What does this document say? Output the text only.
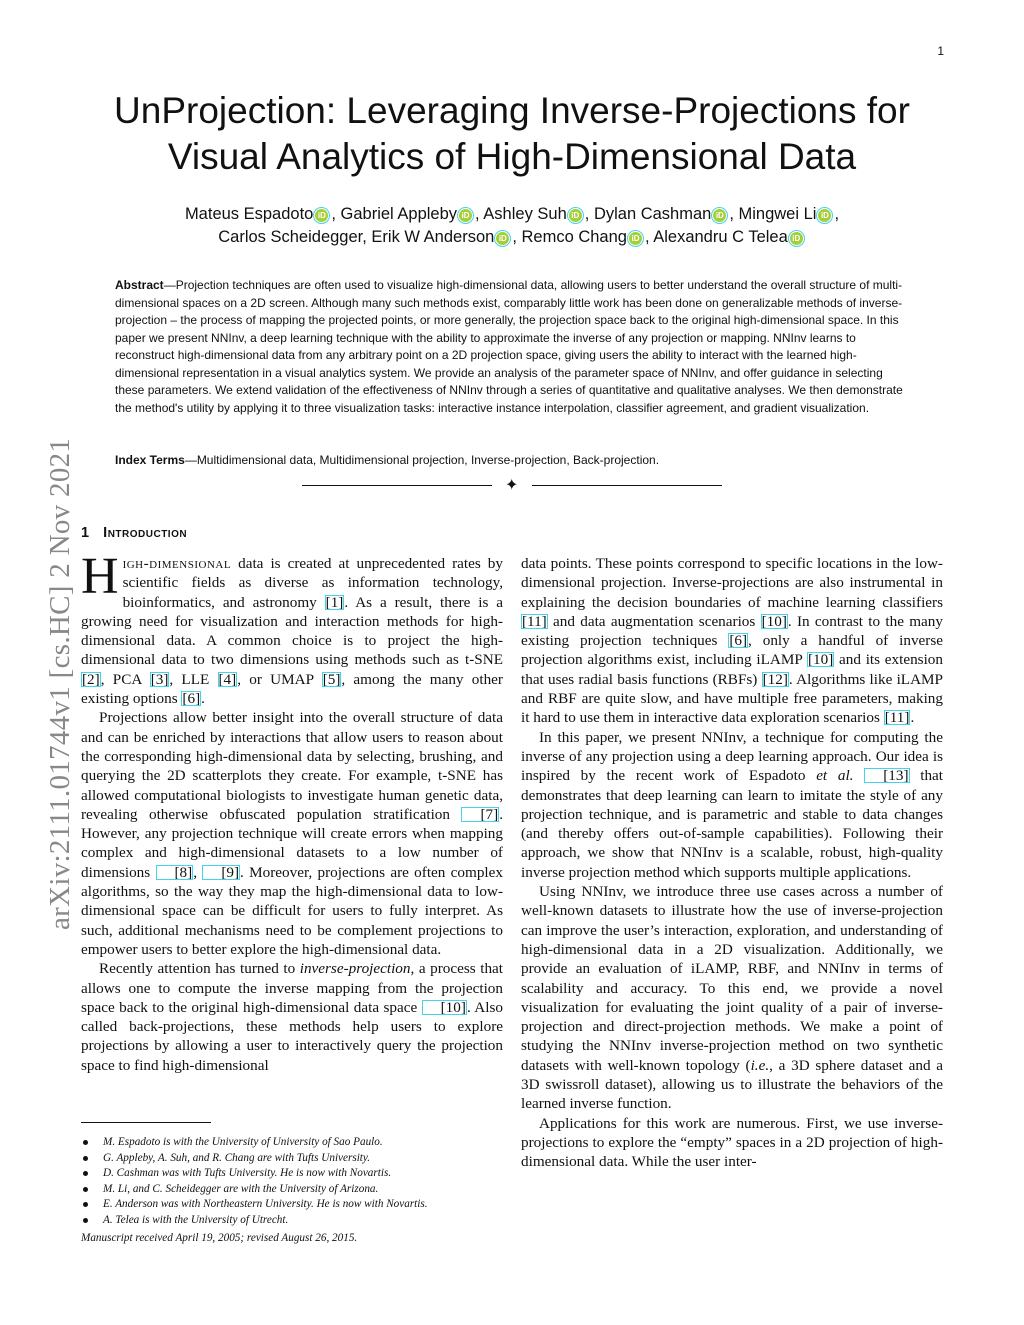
1
UnProjection: Leveraging Inverse-Projections for Visual Analytics of High-Dimensional Data
Mateus Espadoto iD , Gabriel Appleby iD , Ashley Suh iD , Dylan Cashman iD , Mingwei Li iD ,
Carlos Scheidegger, Erik W Anderson iD , Remco Chang iD , Alexandru C Telea iD
Abstract—Projection techniques are often used to visualize high-dimensional data, allowing users to better understand the overall structure of multi-dimensional spaces on a 2D screen. Although many such methods exist, comparably little work has been done on generalizable methods of inverse-projection – the process of mapping the projected points, or more generally, the projection space back to the original high-dimensional space. In this paper we present NNInv, a deep learning technique with the ability to approximate the inverse of any projection or mapping. NNInv learns to reconstruct high-dimensional data from any arbitrary point on a 2D projection space, giving users the ability to interact with the learned high-dimensional representation in a visual analytics system. We provide an analysis of the parameter space of NNInv, and offer guidance in selecting these parameters. We extend validation of the effectiveness of NNInv through a series of quantitative and qualitative analyses. We then demonstrate the method's utility by applying it to three visualization tasks: interactive instance interpolation, classifier agreement, and gradient visualization.
Index Terms—Multidimensional data, Multidimensional projection, Inverse-projection, Back-projection.
✦
arXiv:2111.01744v1 [cs.HC] 2 Nov 2021 1 Introduction

High-dimensional data is created at unprecedented rates by scientific fields as diverse as information technology, bioinformatics, and astronomy [1]. As a result, there is a growing need for visualization and interaction methods for high-dimensional data. A common choice is to project the high-dimensional data to two dimensions using methods such as t-SNE [2], PCA [3], LLE [4], or UMAP [5], among the many other existing options [6].

Projections allow better insight into the overall structure of data and can be enriched by interactions that allow users to reason about the corresponding high-dimensional data by selecting, brushing, and querying the 2D scatterplots they create. For example, t-SNE has allowed computational biologists to investigate human genetic data, revealing otherwise obfuscated population stratification [7]. However, any projection technique will create errors when mapping complex and high-dimensional datasets to a low number of dimensions [8], [9]. Moreover, projections are often complex algorithms, so the way they map the high-dimensional data to low-dimensional space can be difficult for users to fully interpret. As such, additional mechanisms need to be complement projections to empower users to better explore the high-dimensional data.

Recently attention has turned to inverse-projection, a process that allows one to compute the inverse mapping from the projection space back to the original high-dimensional data space [10]. Also called back-projections, these methods help users to explore projections by allowing a user to interactively query the projection space to find high-dimensional

data points. These points correspond to specific locations in the low-dimensional projection. Inverse-projections are also instrumental in explaining the decision boundaries of machine learning classifiers [11] and data augmentation scenarios [10]. In contrast to the many existing projection techniques [6], only a handful of inverse projection algorithms exist, including iLAMP [10] and its extension that uses radial basis functions (RBFs) [12]. Algorithms like iLAMP and RBF are quite slow, and have multiple free parameters, making it hard to use them in interactive data exploration scenarios [11].

In this paper, we present NNInv, a technique for computing the inverse of any projection using a deep learning approach. Our idea is inspired by the recent work of Espadoto et al. [13] that demonstrates that deep learning can learn to imitate the style of any projection technique, and is parametric and stable to data changes (and thereby offers out-of-sample capabilities). Following their approach, we show that NNInv is a scalable, robust, high-quality inverse projection method which supports multiple applications.

Using NNInv, we introduce three use cases across a number of well-known datasets to illustrate how the use of inverse-projection can improve the user’s interaction, exploration, and understanding of high-dimensional data in a 2D visualization. Additionally, we provide an evaluation of iLAMP, RBF, and NNInv in terms of scalability and accuracy. To this end, we provide a novel visualization for evaluating the joint quality of a pair of inverse-projection and direct-projection methods. We make a point of studying the NNInv inverse-projection method on two synthetic datasets with well-known topology (i.e., a 3D sphere dataset and a 3D swissroll dataset), allowing us to illustrate the behaviors of the learned inverse function.

Applications for this work are numerous. First, we use inverse-projections to explore the “empty” spaces in a 2D projection of high-dimensional data. While the user inter-

M. Espadoto is with the University of University of Sao Paulo.
G. Appleby, A. Suh, and R. Chang are with Tufts University.
D. Cashman was with Tufts University. He is now with Novartis.
M. Li, and C. Scheidegger are with the University of Arizona.
E. Anderson was with Northeastern University. He is now with Novartis.
A. Telea is with the University of Utrecht.
Manuscript received April 19, 2005; revised August 26, 2015.
